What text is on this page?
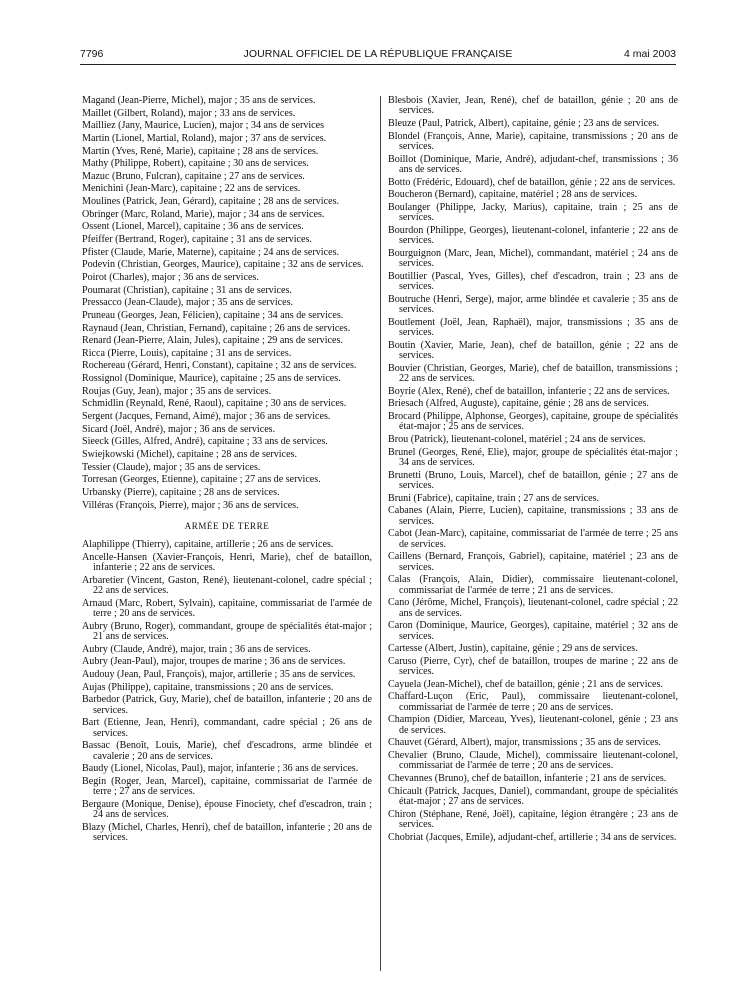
7796	JOURNAL OFFICIEL DE LA RÉPUBLIQUE FRANÇAISE	4 mai 2003

Magand (Jean-Pierre, Michel), major ; 35 ans de services.

Maillet (Gilbert, Roland), major ; 33 ans de services.

Mailliez (Jany, Maurice, Lucien), major ; 34 ans de services

Martin (Lionel, Martial, Roland), major ; 37 ans de services.

Martin (Yves, René, Marie), capitaine ; 28 ans de services.

Mathy (Philippe, Robert), capitaine ; 30 ans de services.

Mazuc (Bruno, Fulcran), capitaine ; 27 ans de services.

Menichini (Jean-Marc), capitaine ; 22 ans de services.

Moulines (Patrick, Jean, Gérard), capitaine ; 28 ans de services.

Obringer (Marc, Roland, Marie), major ; 34 ans de services.

Ossent (Lionel, Marcel), capitaine ; 36 ans de services.

Pfeiffer (Bertrand, Roger), capitaine ; 31 ans de services.

Pfister (Claude, Marie, Materne), capitaine ; 24 ans de services.

Podevin (Christian, Georges, Maurice), capitaine ; 32 ans de services.

Poirot (Charles), major ; 36 ans de services.

Poumarat (Christian), capitaine ; 31 ans de services.

Pressacco (Jean-Claude), major ; 35 ans de services.

Pruneau (Georges, Jean, Félicien), capitaine ; 34 ans de services.

Raynaud (Jean, Christian, Fernand), capitaine ; 26 ans de services.

Renard (Jean-Pierre, Alain, Jules), capitaine ; 29 ans de services.

Ricca (Pierre, Louis), capitaine ; 31 ans de services.

Rochereau (Gérard, Henri, Constant), capitaine ; 32 ans de services.

Rossignol (Dominique, Maurice), capitaine ; 25 ans de services.

Roujas (Guy, Jean), major ; 35 ans de services.

Schmidlin (Reynald, René, Raoul), capitaine ; 30 ans de services.

Sergent (Jacques, Fernand, Aimé), major ; 36 ans de services.

Sicard (Joël, André), major ; 36 ans de services.

Sieeck (Gilles, Alfred, André), capitaine ; 33 ans de services.

Swiejkowski (Michel), capitaine ; 28 ans de services.

Tessier (Claude), major ; 35 ans de services.

Torresan (Georges, Etienne), capitaine ; 27 ans de services.

Urbansky (Pierre), capitaine ; 28 ans de services.

Villéras (François, Pierre), major ; 36 ans de services.

ARMÉE DE TERRE

Alaphilippe (Thierry), capitaine, artillerie ; 26 ans de services.

Ancelle-Hansen (Xavier-François, Henri, Marie), chef de bataillon, infanterie ; 22 ans de services.

Arbaretier (Vincent, Gaston, René), lieutenant-colonel, cadre spécial ; 22 ans de services.

Arnaud (Marc, Robert, Sylvain), capitaine, commissariat de l'armée de terre ; 20 ans de services.

Aubry (Bruno, Roger), commandant, groupe de spécialités état-major ; 21 ans de services.

Aubry (Claude, André), major, train ; 36 ans de services.

Aubry (Jean-Paul), major, troupes de marine ; 36 ans de services.

Audouy (Jean, Paul, François), major, artillerie ; 35 ans de services.

Aujas (Philippe), capitaine, transmissions ; 20 ans de services.

Barbedor (Patrick, Guy, Marie), chef de bataillon, infanterie ; 20 ans de services.

Bart (Etienne, Jean, Henri), commandant, cadre spécial ; 26 ans de services.

Bassac (Benoît, Louis, Marie), chef d'escadrons, arme blindée et cavalerie ; 20 ans de services.

Baudy (Lionel, Nicolas, Paul), major, infanterie ; 36 ans de services.

Begin (Roger, Jean, Marcel), capitaine, commissariat de l'armée de terre ; 27 ans de services.

Bergaure (Monique, Denise), épouse Finociety, chef d'escadron, train ; 24 ans de services.

Blazy (Michel, Charles, Henri), chef de bataillon, infanterie ; 20 ans de services.

Blesbois (Xavier, Jean, René), chef de bataillon, génie ; 20 ans de services.

Bleuze (Paul, Patrick, Albert), capitaine, génie ; 23 ans de services.

Blondel (François, Anne, Marie), capitaine, transmissions ; 20 ans de services.

Boillot (Dominique, Marie, André), adjudant-chef, transmissions ; 36 ans de services.

Botto (Frédéric, Edouard), chef de bataillon, génie ; 22 ans de services.

Boucheron (Bernard), capitaine, matériel ; 28 ans de services.

Boulanger (Philippe, Jacky, Marius), capitaine, train ; 25 ans de services.

Bourdon (Philippe, Georges), lieutenant-colonel, infanterie ; 22 ans de services.

Bourguignon (Marc, Jean, Michel), commandant, matériel ; 24 ans de services.

Boutillier (Pascal, Yves, Gilles), chef d'escadron, train ; 23 ans de services.

Boutruche (Henri, Serge), major, arme blindée et cavalerie ; 35 ans de services.

Boutlement (Joël, Jean, Raphaël), major, transmissions ; 35 ans de services.

Boutin (Xavier, Marie, Jean), chef de bataillon, génie ; 22 ans de services.

Bouvier (Christian, Georges, Marie), chef de bataillon, transmissions ; 22 ans de services.

Boyrie (Alex, René), chef de bataillon, infanterie ; 22 ans de services.

Briesach (Alfred, Auguste), capitaine, génie ; 28 ans de services.

Brocard (Philippe, Alphonse, Georges), capitaine, groupe de spécialités état-major ; 25 ans de services.

Brou (Patrick), lieutenant-colonel, matériel ; 24 ans de services.

Brunel (Georges, René, Elie), major, groupe de spécialités état-major ; 34 ans de services.

Brunetti (Bruno, Louis, Marcel), chef de bataillon, génie ; 27 ans de services.

Bruni (Fabrice), capitaine, train ; 27 ans de services.

Cabanes (Alain, Pierre, Lucien), capitaine, transmissions ; 33 ans de services.

Cabot (Jean-Marc), capitaine, commissariat de l'armée de terre ; 25 ans de services.

Caillens (Bernard, François, Gabriel), capitaine, matériel ; 23 ans de services.

Calas (François, Alain, Didier), commissaire lieutenant-colonel, commissariat de l'armée de terre ; 21 ans de services.

Cano (Jérôme, Michel, François), lieutenant-colonel, cadre spécial ; 22 ans de services.

Caron (Dominique, Maurice, Georges), capitaine, matériel ; 32 ans de services.

Cartesse (Albert, Justin), capitaine, génie ; 29 ans de services.

Caruso (Pierre, Cyr), chef de bataillon, troupes de marine ; 22 ans de services.

Cayuela (Jean-Michel), chef de bataillon, génie ; 21 ans de services.

Chaffard-Luçon (Eric, Paul), commissaire lieutenant-colonel, commissariat de l'armée de terre ; 20 ans de services.

Champion (Didier, Marceau, Yves), lieutenant-colonel, génie ; 23 ans de services.

Chauvet (Gérard, Albert), major, transmissions ; 35 ans de services.

Chevalier (Bruno, Claude, Michel), commissaire lieutenant-colonel, commissariat de l'armée de terre ; 20 ans de services.

Chevannes (Bruno), chef de bataillon, infanterie ; 21 ans de services.

Chicault (Patrick, Jacques, Daniel), commandant, groupe de spécialités état-major ; 27 ans de services.

Chiron (Stéphane, René, Joël), capitaine, légion étrangère ; 23 ans de services.

Chobriat (Jacques, Emile), adjudant-chef, artillerie ; 34 ans de services.
